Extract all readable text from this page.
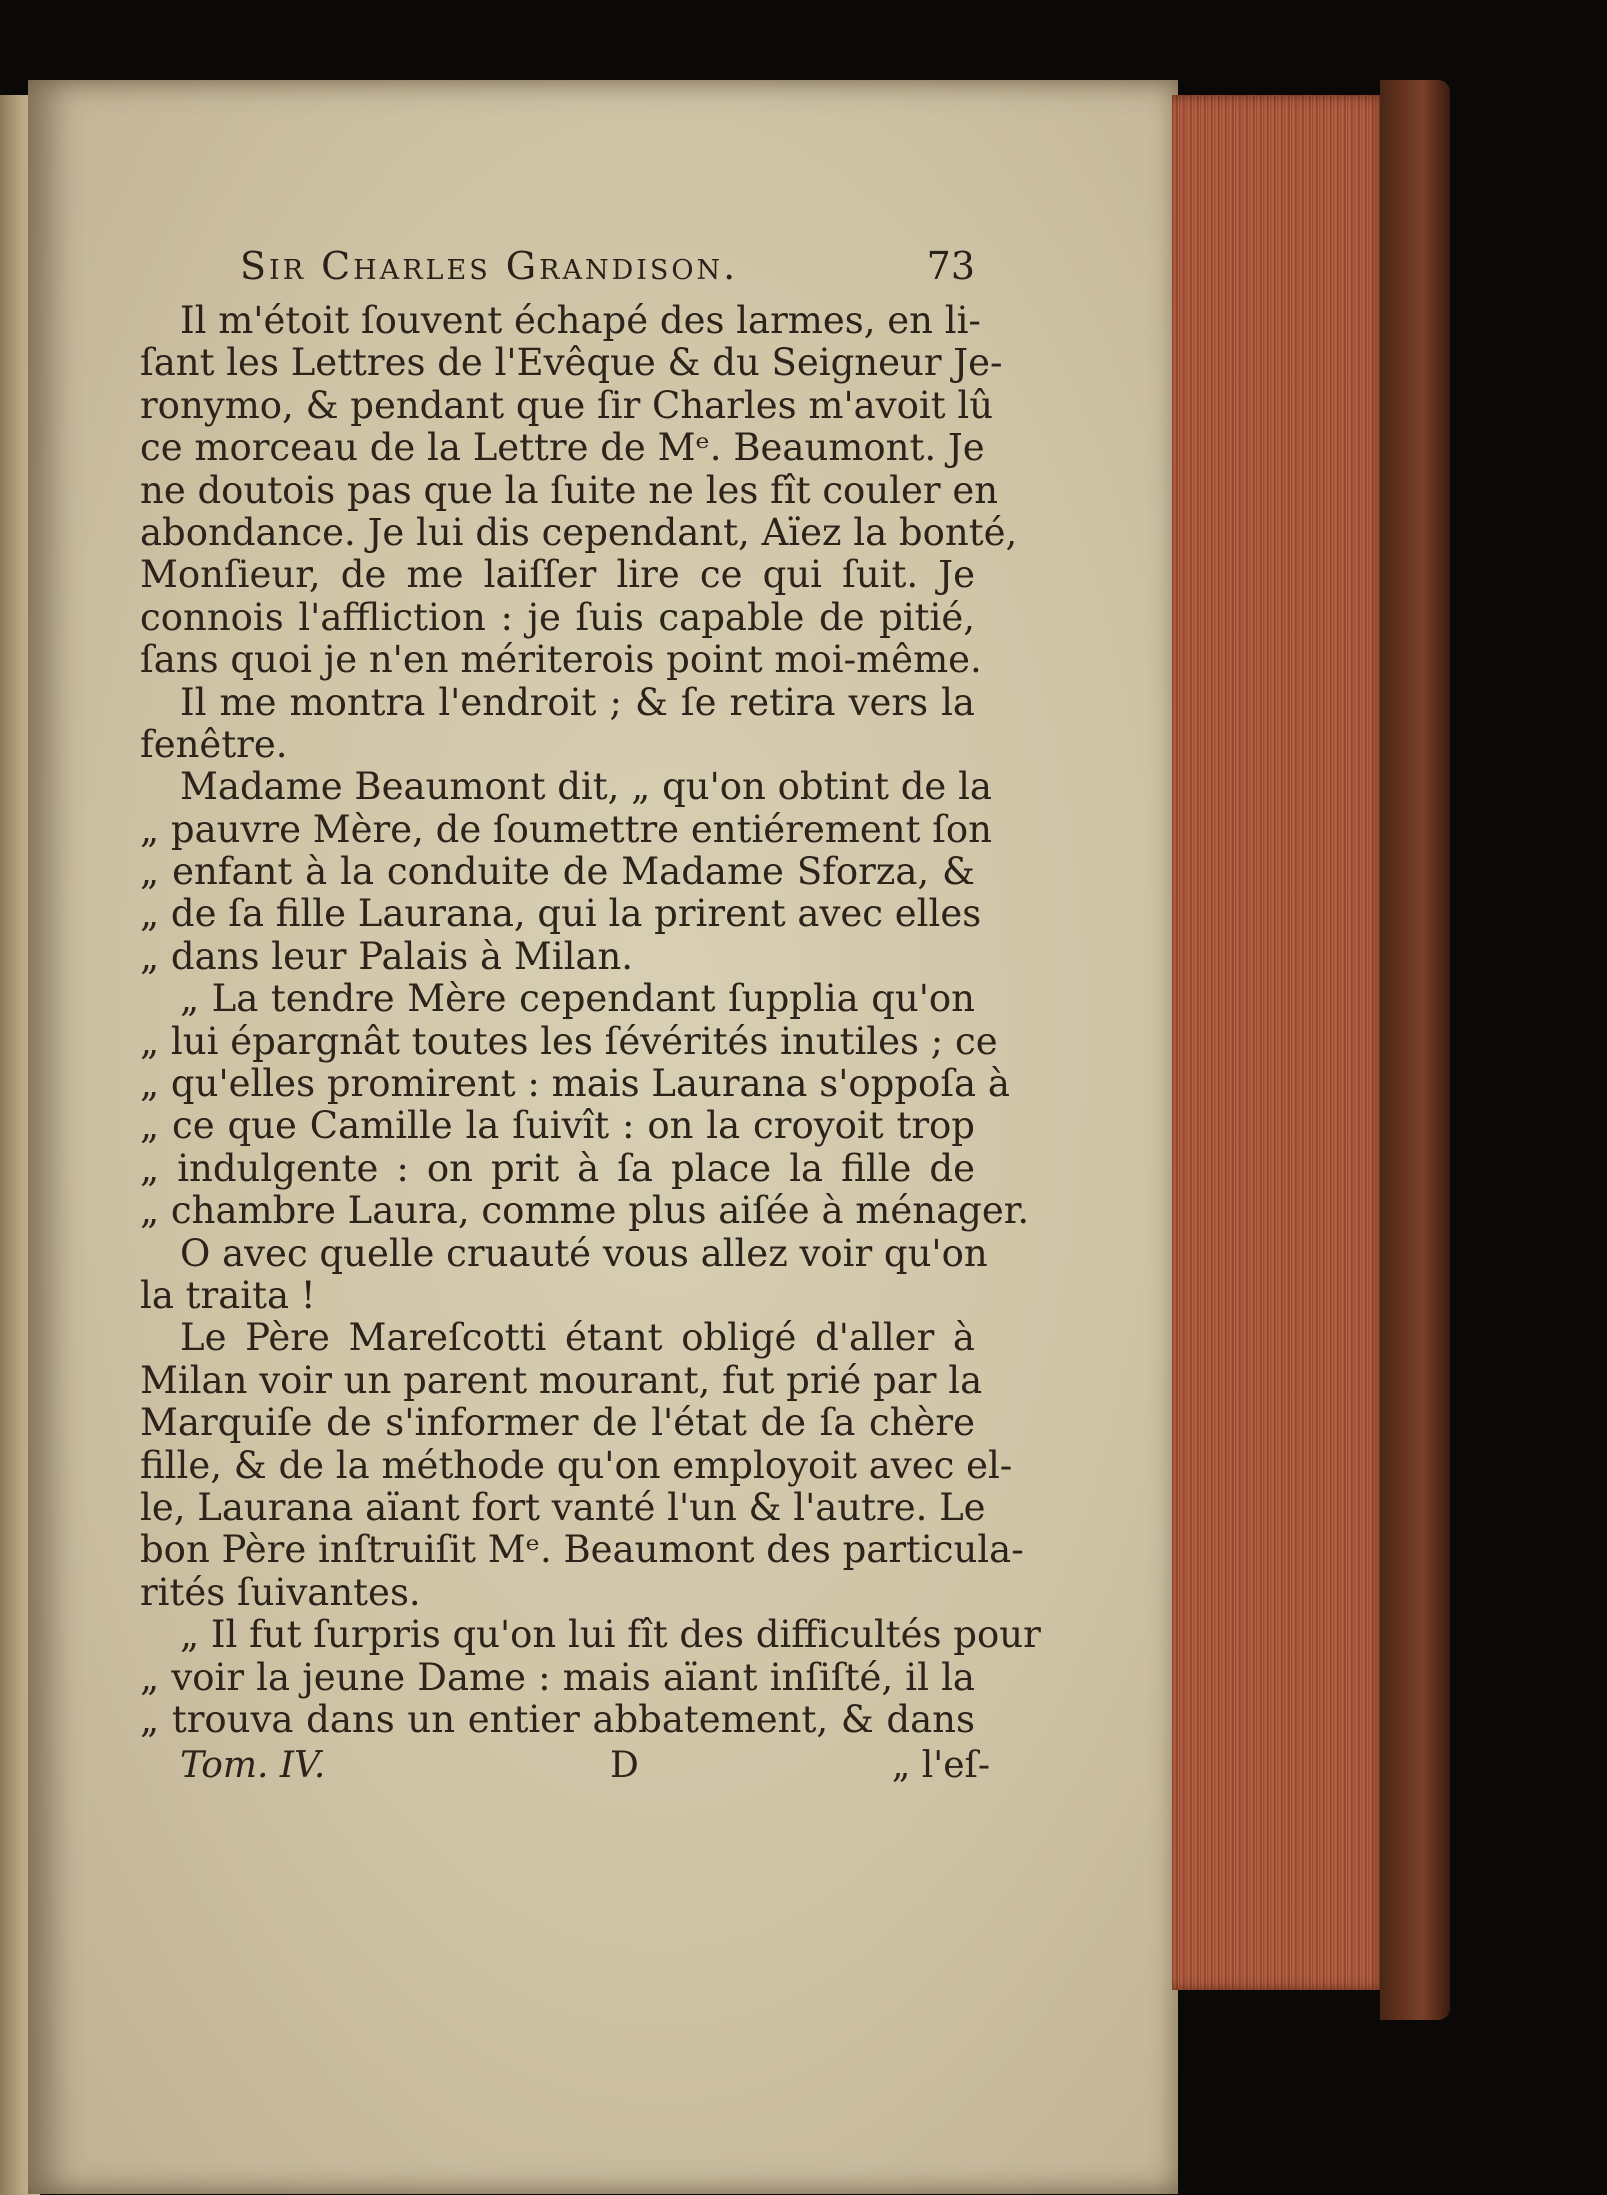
Sir Charles Grandison.	73
Il m'étoit ſouvent échapé des larmes, en li-
ſant les Lettres de l'Evêque & du Seigneur Je-
ronymo, & pendant que ſir Charles m'avoit lû
ce morceau de la Lettre de Mᵉ. Beaumont. Je
ne doutois pas que la ſuite ne les fît couler en
abondance. Je lui dis cependant, Aïez la bonté,
Monſieur, de me laiſſer lire ce qui ſuit. Je
connois l'affliction : je ſuis capable de pitié,
ſans quoi je n'en mériterois point moi-même.
Il me montra l'endroit ; & ſe retira vers la
fenêtre.
Madame Beaumont dit, „ qu'on obtint de la
„ pauvre Mère, de ſoumettre entiérement ſon
„ enfant à la conduite de Madame Sforza, &
„ de ſa fille Laurana, qui la prirent avec elles
„ dans leur Palais à Milan.
„ La tendre Mère cependant ſupplia qu'on
„ lui épargnât toutes les ſévérités inutiles ; ce
„ qu'elles promirent : mais Laurana s'oppoſa à
„ ce que Camille la ſuivît : on la croyoit trop
„ indulgente : on prit à ſa place la fille de
„ chambre Laura, comme plus aiſée à ménager.
O avec quelle cruauté vous allez voir qu'on
la traita !
Le Père Mareſcotti étant obligé d'aller à
Milan voir un parent mourant, fut prié par la
Marquiſe de s'informer de l'état de ſa chère
fille, & de la méthode qu'on employoit avec el-
le, Laurana aïant fort vanté l'un & l'autre. Le
bon Père inſtruiſit Mᵉ. Beaumont des particula-
rités ſuivantes.
„ Il fut ſurpris qu'on lui fît des difficultés pour
„ voir la jeune Dame : mais aïant inſiſté, il la
„ trouva dans un entier abbatement, & dans
Tom. IV.	D	„ l'eſ-
